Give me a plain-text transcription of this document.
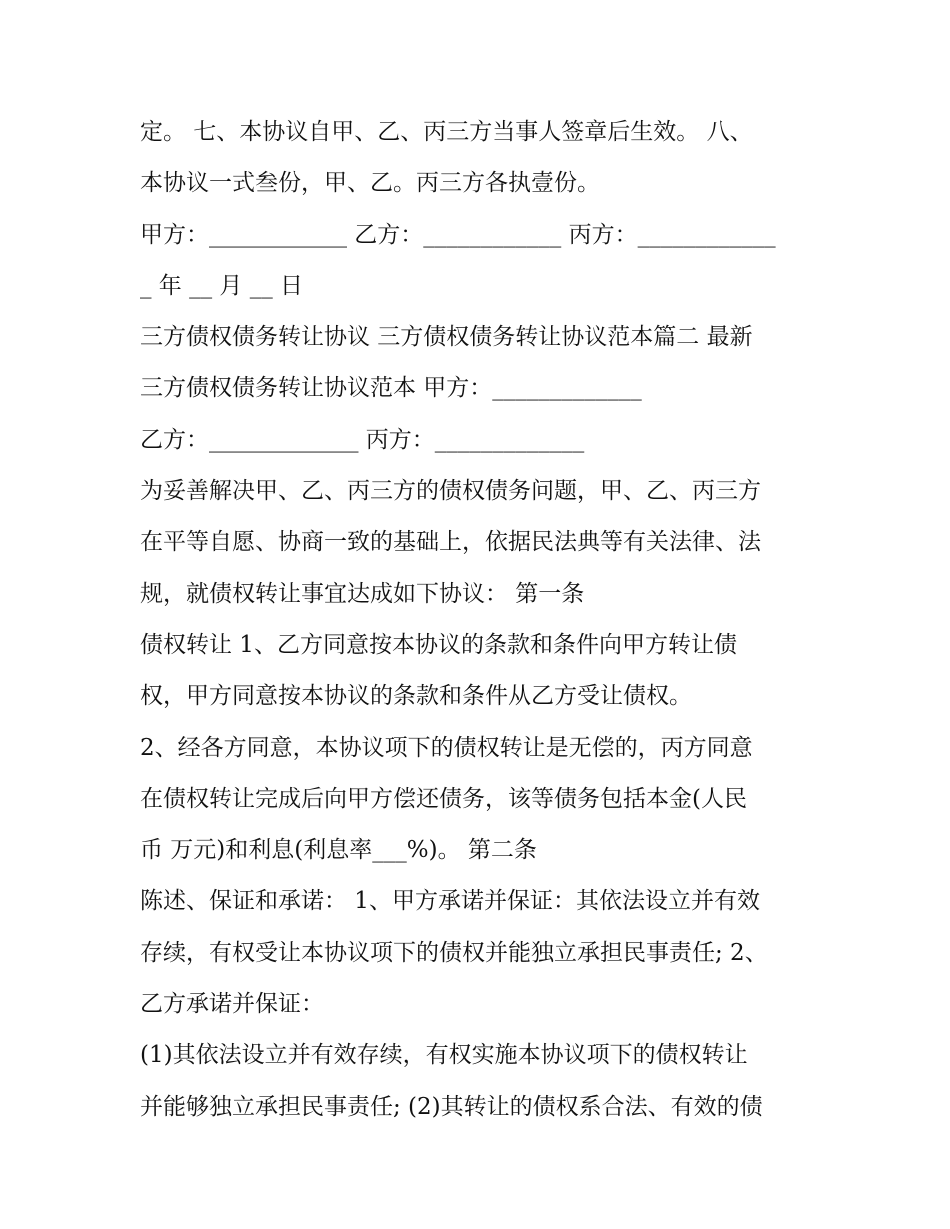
定。 七、本协议自甲、乙、丙三方当事人签章后生效。 八、
本协议一式叁份，甲、乙。丙三方各执壹份。
甲方：____________ 乙方：____________ 丙方：____________
_ 年 __ 月 __ 日
三方债权债务转让协议 三方债权债务转让协议范本篇二 最新
三方债权债务转让协议范本 甲方：_____________
乙方：_____________ 丙方：_____________
为妥善解决甲、乙、丙三方的债权债务问题，甲、乙、丙三方
在平等自愿、协商一致的基础上，依据民法典等有关法律、法
规，就债权转让事宜达成如下协议： 第一条
债权转让 1、乙方同意按本协议的条款和条件向甲方转让债
权，甲方同意按本协议的条款和条件从乙方受让债权。
2、经各方同意，本协议项下的债权转让是无偿的，丙方同意
在债权转让完成后向甲方偿还债务，该等债务包括本金(人民
币 万元)和利息(利息率___%)。 第二条
陈述、保证和承诺： 1、甲方承诺并保证：其依法设立并有效
存续，有权受让本协议项下的债权并能独立承担民事责任; 2、
乙方承诺并保证：
(1)其依法设立并有效存续，有权实施本协议项下的债权转让
并能够独立承担民事责任; (2)其转让的债权系合法、有效的债
